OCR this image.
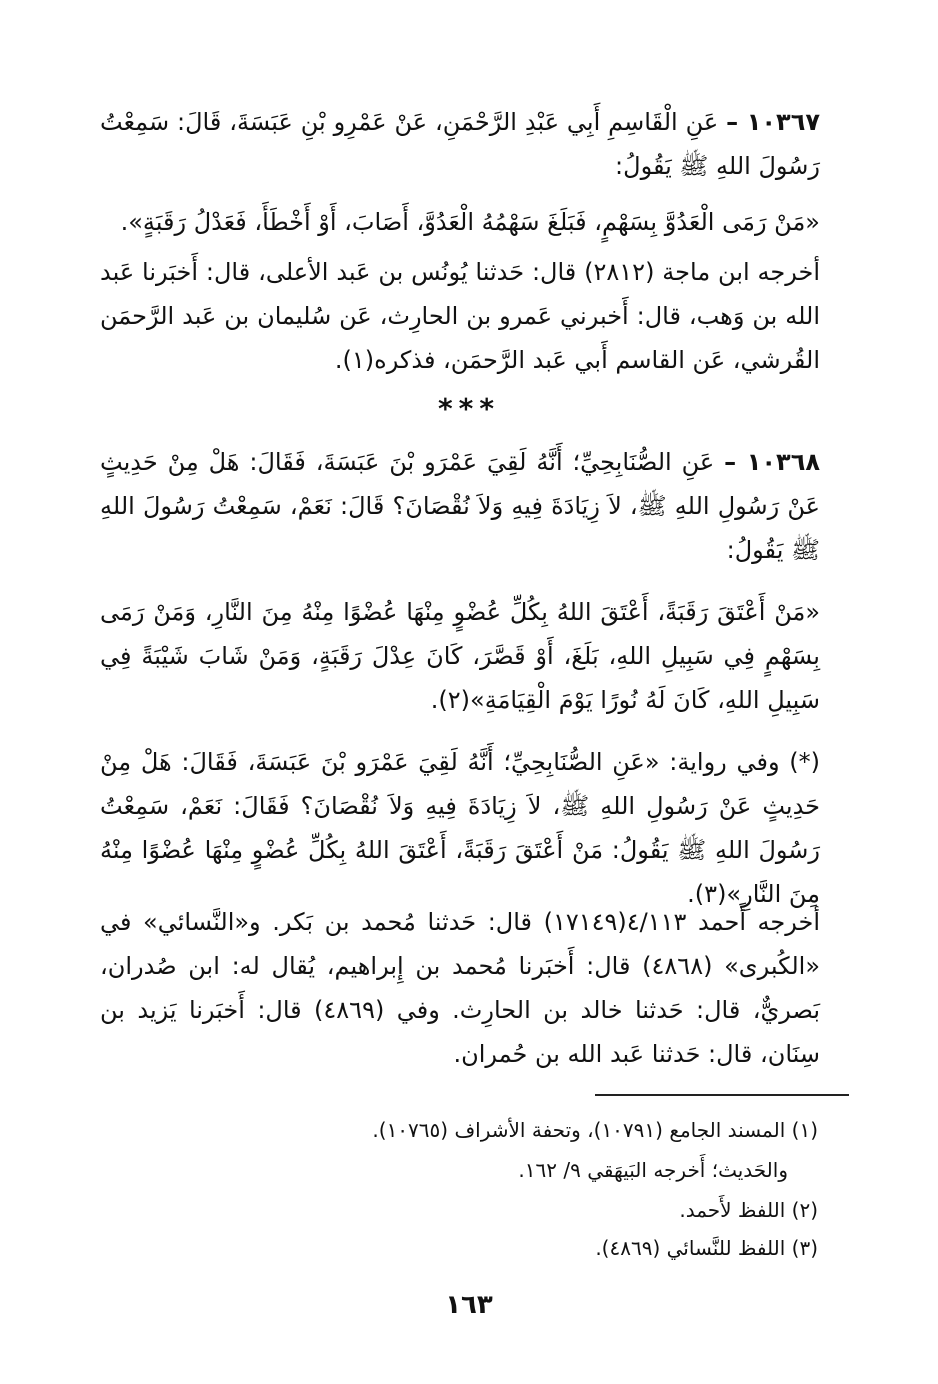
١٠٣٦٧ – عَنِ الْقَاسِمِ أَبِي عَبْدِ الرَّحْمَنِ، عَنْ عَمْرِو بْنِ عَبَسَةَ، قَالَ: سَمِعْتُ رَسُولَ اللهِ ﷺ يَقُولُ:

«مَنْ رَمَى الْعَدُوَّ بِسَهْمٍ، فَبَلَغَ سَهْمُهُ الْعَدُوَّ، أَصَابَ، أَوْ أَخْطَأَ، فَعَدْلُ رَقَبَةٍ».

أخرجه ابن ماجة (٢٨١٢) قال: حَدثنا يُونُس بن عَبد الأعلى، قال: أَخبَرنا عَبد الله بن وَهب، قال: أَخبرني عَمرو بن الحارِث، عَن سُليمان بن عَبد الرَّحمَن القُرشي، عَن القاسم أَبي عَبد الرَّحمَن، فذكره(١).

***

١٠٣٦٨ – عَنِ الصُّنَابِحِيِّ؛ أَنَّهُ لَقِيَ عَمْرَو بْنَ عَبَسَةَ، فَقَالَ: هَلْ مِنْ حَدِيثٍ عَنْ رَسُولِ اللهِ ﷺ، لاَ زِيَادَةَ فِيهِ وَلاَ نُقْصَانَ؟ قَالَ: نَعَمْ، سَمِعْتُ رَسُولَ اللهِ ﷺ يَقُولُ:

«مَنْ أَعْتَقَ رَقَبَةً، أَعْتَقَ اللهُ بِكُلِّ عُضْوٍ مِنْهَا عُضْوًا مِنْهُ مِنَ النَّارِ، وَمَنْ رَمَى بِسَهْمٍ فِي سَبِيلِ اللهِ، بَلَغَ، أَوْ قَصَّرَ، كَانَ عِدْلَ رَقَبَةٍ، وَمَنْ شَابَ شَيْبَةً فِي سَبِيلِ اللهِ، كَانَ لَهُ نُورًا يَوْمَ الْقِيَامَةِ»(٢).

(*) وفي رواية: «عَنِ الصُّنَابِحِيِّ؛ أَنَّهُ لَقِيَ عَمْرَو بْنَ عَبَسَةَ، فَقَالَ: هَلْ مِنْ حَدِيثٍ عَنْ رَسُولِ اللهِ ﷺ، لاَ زِيَادَةَ فِيهِ وَلاَ نُقْصَانَ؟ فَقَالَ: نَعَمْ، سَمِعْتُ رَسُولَ اللهِ ﷺ يَقُولُ: مَنْ أَعْتَقَ رَقَبَةً، أَعْتَقَ اللهُ بِكُلِّ عُضْوٍ مِنْهَا عُضْوًا مِنْهُ مِنَ النَّارِ»(٣).

أخرجه أَحمد ٤/١١٣(١٧١٤٩) قال: حَدثنا مُحمد بن بَكر. و«النَّسائي» في «الكُبرى» (٤٨٦٨) قال: أَخبَرنا مُحمد بن إِبراهيم، يُقال له: ابن صُدران، بَصريٌّ، قال: حَدثنا خالد بن الحارِث. وفي (٤٨٦٩) قال: أَخبَرنا يَزيد بن سِنَان، قال: حَدثنا عَبد الله بن حُمران.

(١) المسند الجامع (١٠٧٩١)، وتحفة الأشراف (١٠٧٦٥).

والحَديث؛ أَخرجه البَيهَقي ٩/ ١٦٢.

(٢) اللفظ لأَحمد.

(٣) اللفظ للنَّسائي (٤٨٦٩).

١٦٣
